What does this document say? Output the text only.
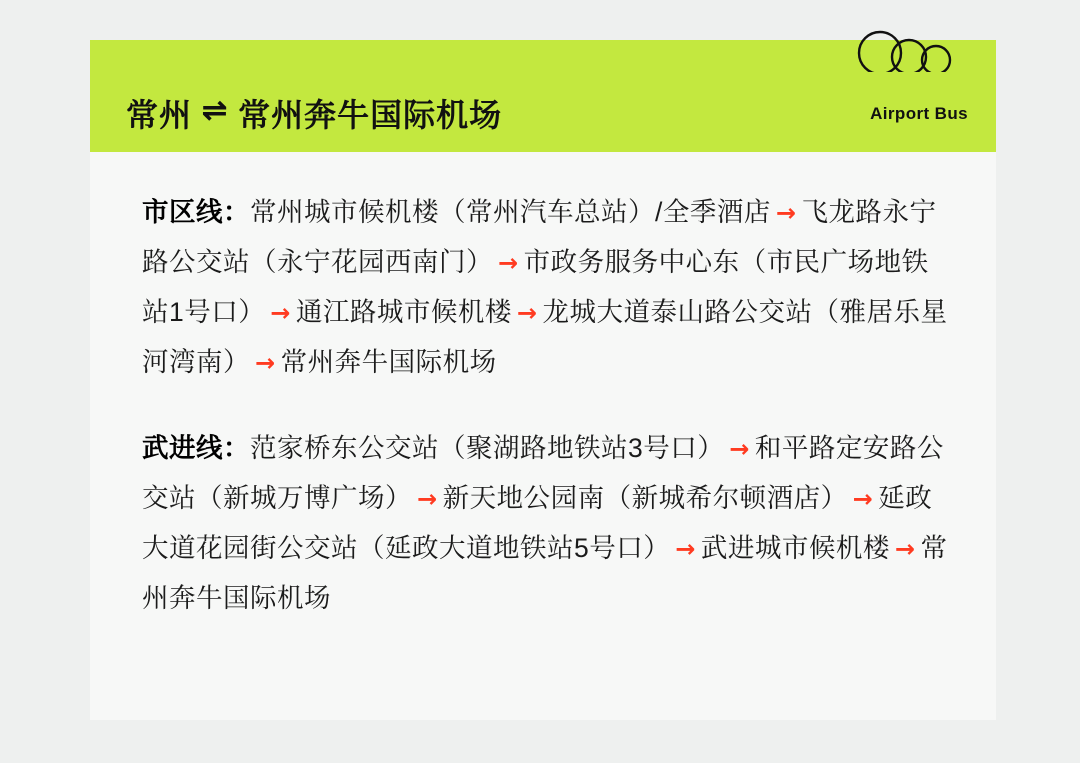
常州 ⇌ 常州奔牛国际机场	Airport Bus
市区线：常州城市候机楼（常州汽车总站）/全季酒店 → 飞龙路永宁路公交站（永宁花园西南门） → 市政务服务中心东（市民广场地铁站1号口） → 通江路城市候机楼 → 龙城大道泰山路公交站（雅居乐星河湾南） → 常州奔牛国际机场
武进线：范家桥东公交站（聚湖路地铁站3号口） → 和平路定安路公交站（新城万博广场） → 新天地公园南（新城希尔顿酒店） → 延政大道花园街公交站（延政大道地铁站5号口） → 武进城市候机楼 → 常州奔牛国际机场
